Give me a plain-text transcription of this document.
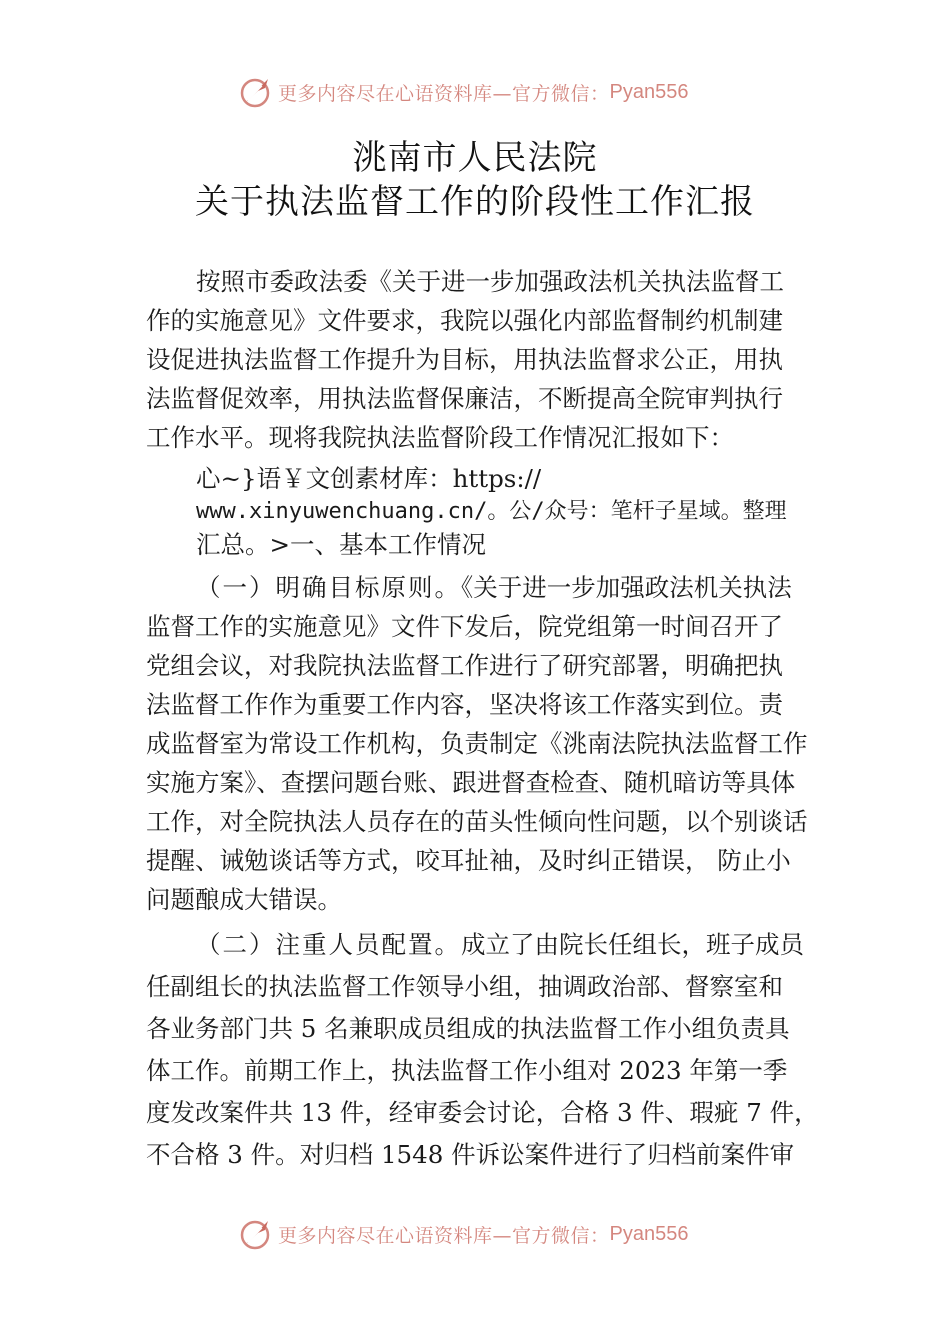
更多内容尽在心语资料库—官方微信： Pyan556
洮南市人民法院
关于执法监督工作的阶段性工作汇报
按照市委政法委《关于进一步加强政法机关执法监督工
作的实施意见》文件要求，我院以强化内部监督制约机制建
设促进执法监督工作提升为目标，用执法监督求公正，用执
法监督促效率，用执法监督保廉洁，不断提高全院审判执行
工作水平。现将我院执法监督阶段工作情况汇报如下：
心~}语￥文创素材库：https://
www.xinyuwenchuang.cn/。公/众号：笔杆子星域。整理
汇总。>一、基本工作情况
（一）明确目标原则。《关于进一步加强政法机关执法
监督工作的实施意见》文件下发后，院党组第一时间召开了
党组会议，对我院执法监督工作进行了研究部署，明确把执
法监督工作作为重要工作内容，坚决将该工作落实到位。责
成监督室为常设工作机构，负责制定《洮南法院执法监督工作
实施方案》、查摆问题台账、跟进督查检查、随机暗访等具体
工作，对全院执法人员存在的苗头性倾向性问题，以个别谈话
提醒、诫勉谈话等方式，咬耳扯袖，及时纠正错误， 防止小
问题酿成大错误。
（二）注重人员配置。成立了由院长任组长，班子成员
任副组长的执法监督工作领导小组，抽调政治部、督察室和
各业务部门共 5 名兼职成员组成的执法监督工作小组负责具
体工作。前期工作上，执法监督工作小组对 2023 年第一季
度发改案件共 13 件，经审委会讨论，合格 3 件、瑕疵 7 件，
不合格 3 件。对归档 1548 件诉讼案件进行了归档前案件审
更多内容尽在心语资料库—官方微信： Pyan556
